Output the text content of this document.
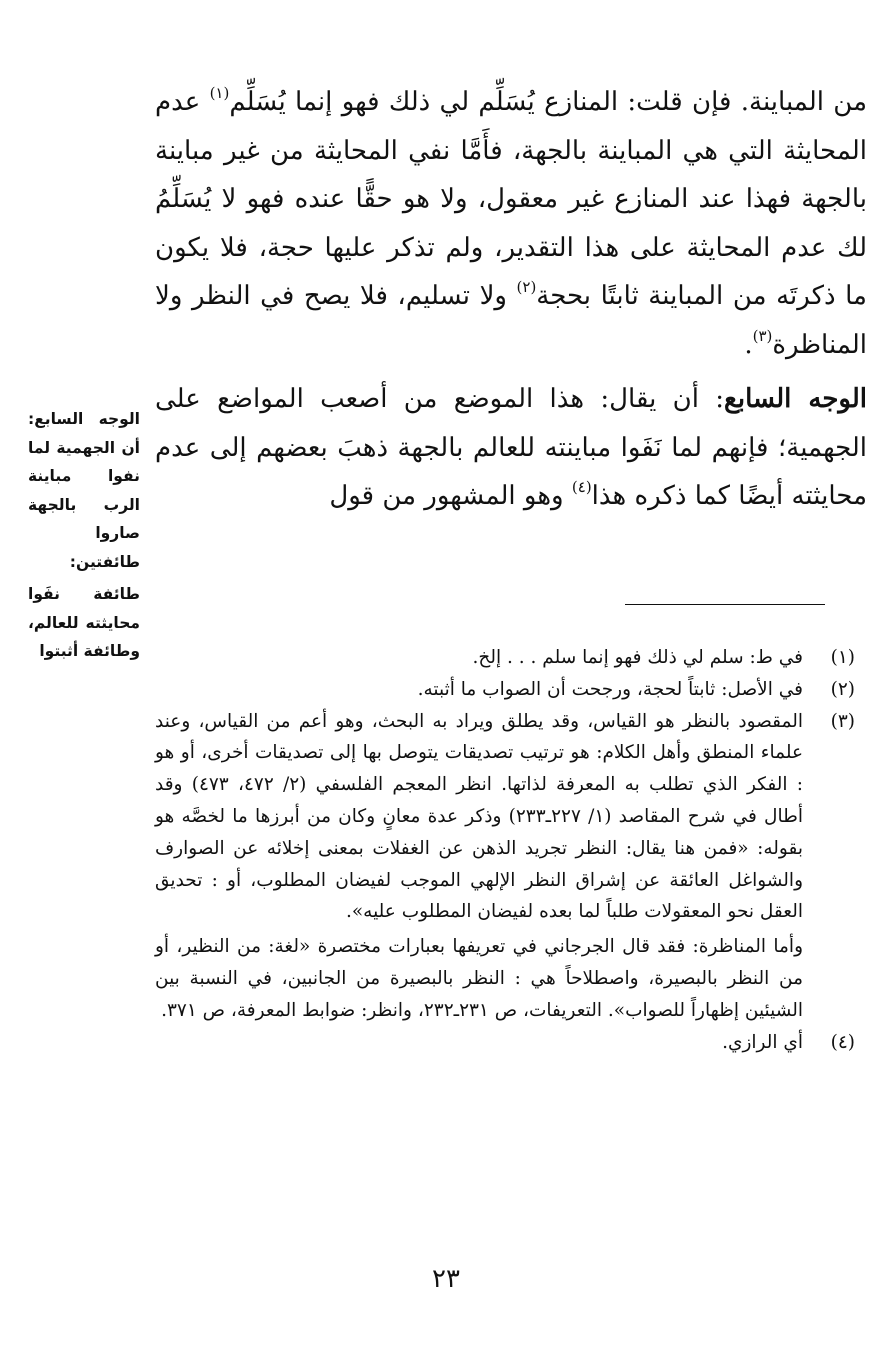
من المباينة. فإن قلت: المنازع يُسَلِّم لي ذلك فهو إنما يُسَلِّم$^{(١)}$ عدم المحايثة التي هي المباينة بالجهة، فأَمَّا نفي المحايثة من غير مباينة بالجهة فهذا عند المنازع غير معقول، ولا هو حقًّا عنده فهو لا يُسَلِّمُ لك عدم المحايثة على هذا التقدير، ولم تذكر عليها حجة، فلا يكون ما ذكرتَه من المباينة ثابتًا بحجة$^{(٢)}$ ولا تسليم، فلا يصح في النظر ولا المناظرة$^{(٣)}$.

الوجه السابع: أن يقال: هذا الموضع من أصعب المواضع على الجهمية؛ فإنهم لما نَفَوا مباينته للعالم بالجهة ذهبَ بعضهم إلى عدم محايثته أيضًا كما ذكره هذا$^{(٤)}$ وهو المشهور من قول

الوجه السابع: أن الجهمية لما نفوا مباينة الرب بالجهة صاروا طائفتين:

طائفة نفَوا محايثته للعالم، وطائفة أثبتوا	(١)

في ط: سلم لي ذلك فهو إنما سلم . . . إلخ.

(٢)

في الأصل: ثابتاً لحجة، ورجحت أن الصواب ما أثبته.

(٣)

المقصود بالنظر هو القياس، وقد يطلق ويراد به البحث، وهو أعم من القياس، وعند علماء المنطق وأهل الكلام: هو ترتيب تصديقات يتوصل بها إلى تصديقات أخرى، أو هو : الفكر الذي تطلب به المعرفة لذاتها. انظر المعجم الفلسفي (٢/ ٤٧٢، ٤٧٣) وقد أطال في شرح المقاصد (١/ ٢٢٧ـ٢٣٣) وذكر عدة معانٍ وكان من أبرزها ما لخصَّه هو بقوله: «فمن هنا يقال: النظر تجريد الذهن عن الغفلات بمعنى إخلائه عن الصوارف والشواغل العائقة عن إشراق النظر الإلهي الموجب لفيضان المطلوب، أو : تحديق العقل نحو المعقولات طلباً لما بعده لفيضان المطلوب عليه».

وأما المناظرة: فقد قال الجرجاني في تعريفها بعبارات مختصرة «لغة: من النظير، أو من النظر بالبصيرة، واصطلاحاً هي : النظر بالبصيرة من الجانبين، في النسبة بين الشيئين إظهاراً للصواب». التعريفات، ص ٢٣١ـ٢٣٢، وانظر: ضوابط المعرفة، ص ٣٧١.

(٤)

أي الرازي.

٢٣
